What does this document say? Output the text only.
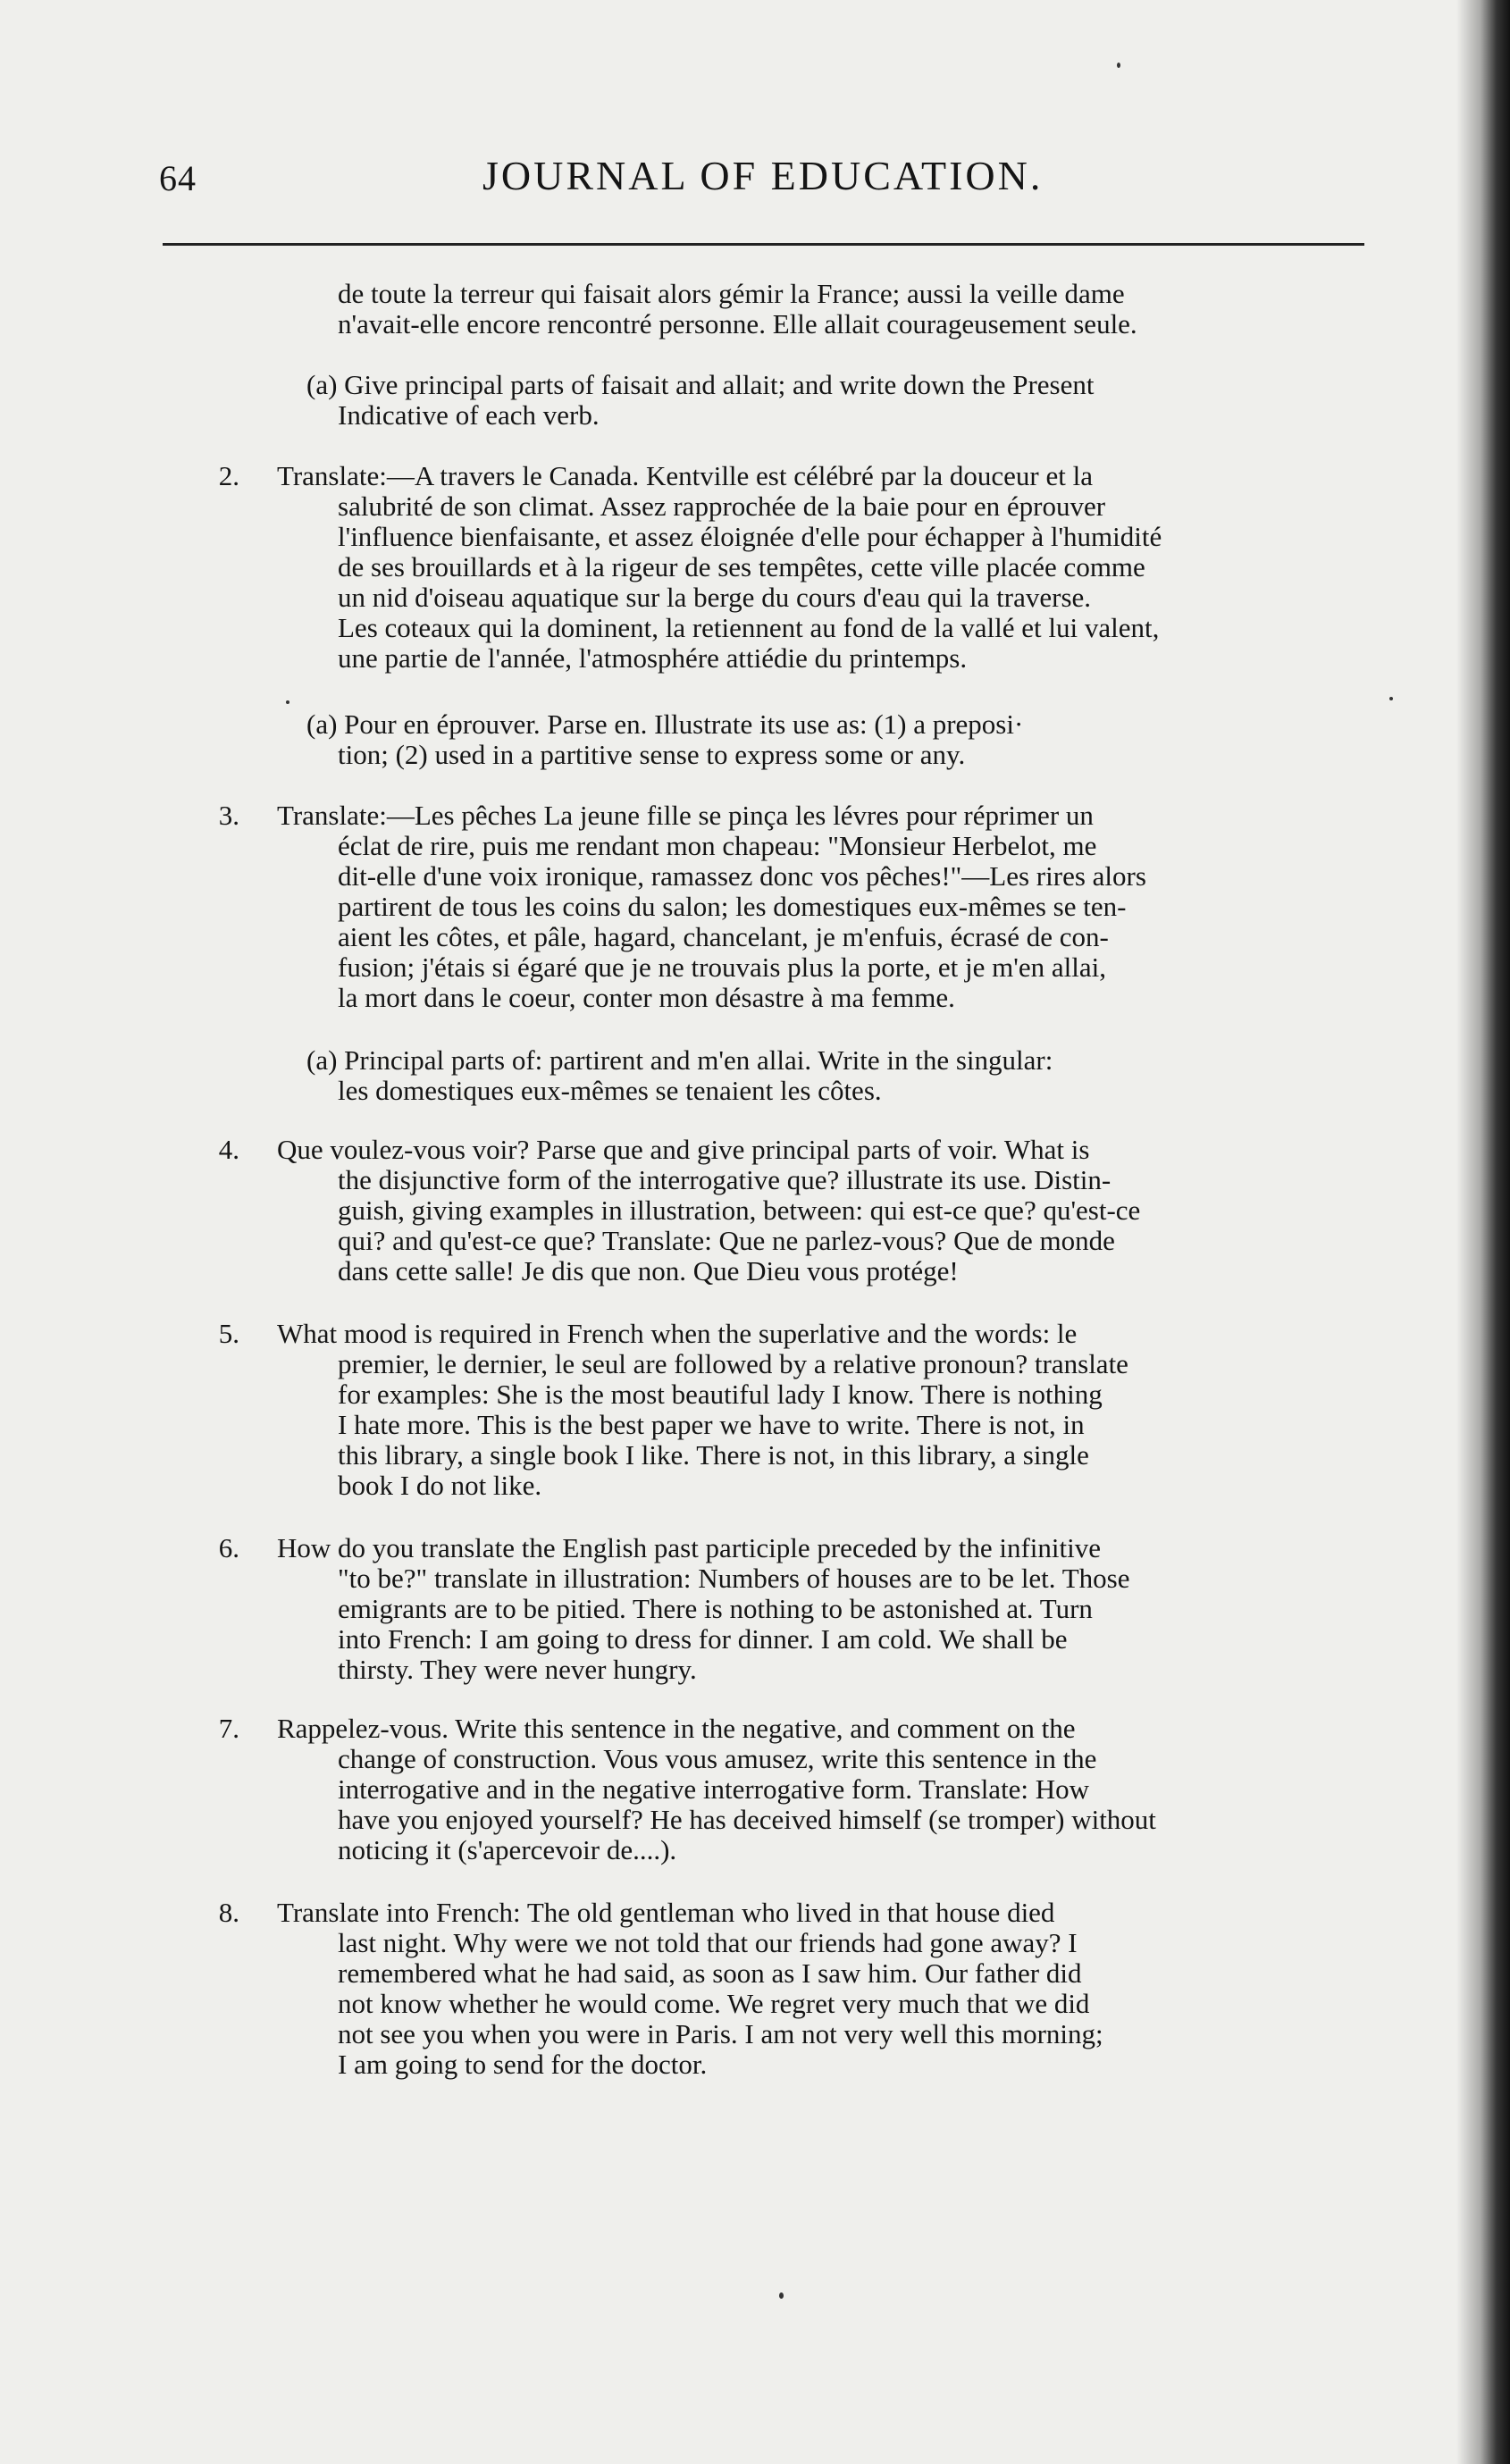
64	JOURNAL OF EDUCATION.
de toute la terreur qui faisait alors gémir la France; aussi la veille dame
n'avait-elle encore rencontré personne. Elle allait courageusement seule.
(a) Give principal parts of faisait and allait; and write down the Present
Indicative of each verb.
2. Translate:—A travers le Canada. Kentville est célébré par la douceur et la
salubrité de son climat. Assez rapprochée de la baie pour en éprouver
l'influence bienfaisante, et assez éloignée d'elle pour échapper à l'humidité
de ses brouillards et à la rigeur de ses tempêtes, cette ville placée comme
un nid d'oiseau aquatique sur la berge du cours d'eau qui la traverse.
Les coteaux qui la dominent, la retiennent au fond de la vallé et lui valent,
une partie de l'année, l'atmosphére attiédie du printemps.
(a) Pour en éprouver. Parse en. Illustrate its use as: (1) a preposi·
tion; (2) used in a partitive sense to express some or any.
3. Translate:—Les pêches La jeune fille se pinça les lévres pour réprimer un
éclat de rire, puis me rendant mon chapeau: "Monsieur Herbelot, me
dit-elle d'une voix ironique, ramassez donc vos pêches!"—Les rires alors
partirent de tous les coins du salon; les domestiques eux-mêmes se ten-
aient les côtes, et pâle, hagard, chancelant, je m'enfuis, écrasé de con-
fusion; j'étais si égaré que je ne trouvais plus la porte, et je m'en allai,
la mort dans le coeur, conter mon désastre à ma femme.
(a) Principal parts of: partirent and m'en allai. Write in the singular:
les domestiques eux-mêmes se tenaient les côtes.
4. Que voulez-vous voir? Parse que and give principal parts of voir. What is
the disjunctive form of the interrogative que? illustrate its use. Distin-
guish, giving examples in illustration, between: qui est-ce que? qu'est-ce
qui? and qu'est-ce que? Translate: Que ne parlez-vous? Que de monde
dans cette salle! Je dis que non. Que Dieu vous protége!
5. What mood is required in French when the superlative and the words: le
premier, le dernier, le seul are followed by a relative pronoun? translate
for examples: She is the most beautiful lady I know. There is nothing
I hate more. This is the best paper we have to write. There is not, in
this library, a single book I like. There is not, in this library, a single
book I do not like.
6. How do you translate the English past participle preceded by the infinitive
"to be?" translate in illustration: Numbers of houses are to be let. Those
emigrants are to be pitied. There is nothing to be astonished at. Turn
into French: I am going to dress for dinner. I am cold. We shall be
thirsty. They were never hungry.
7. Rappelez-vous. Write this sentence in the negative, and comment on the
change of construction. Vous vous amusez, write this sentence in the
interrogative and in the negative interrogative form. Translate: How
have you enjoyed yourself? He has deceived himself (se tromper) without
noticing it (s'apercevoir de....).
8. Translate into French: The old gentleman who lived in that house died
last night. Why were we not told that our friends had gone away? I
remembered what he had said, as soon as I saw him. Our father did
not know whether he would come. We regret very much that we did
not see you when you were in Paris. I am not very well this morning;
I am going to send for the doctor.
